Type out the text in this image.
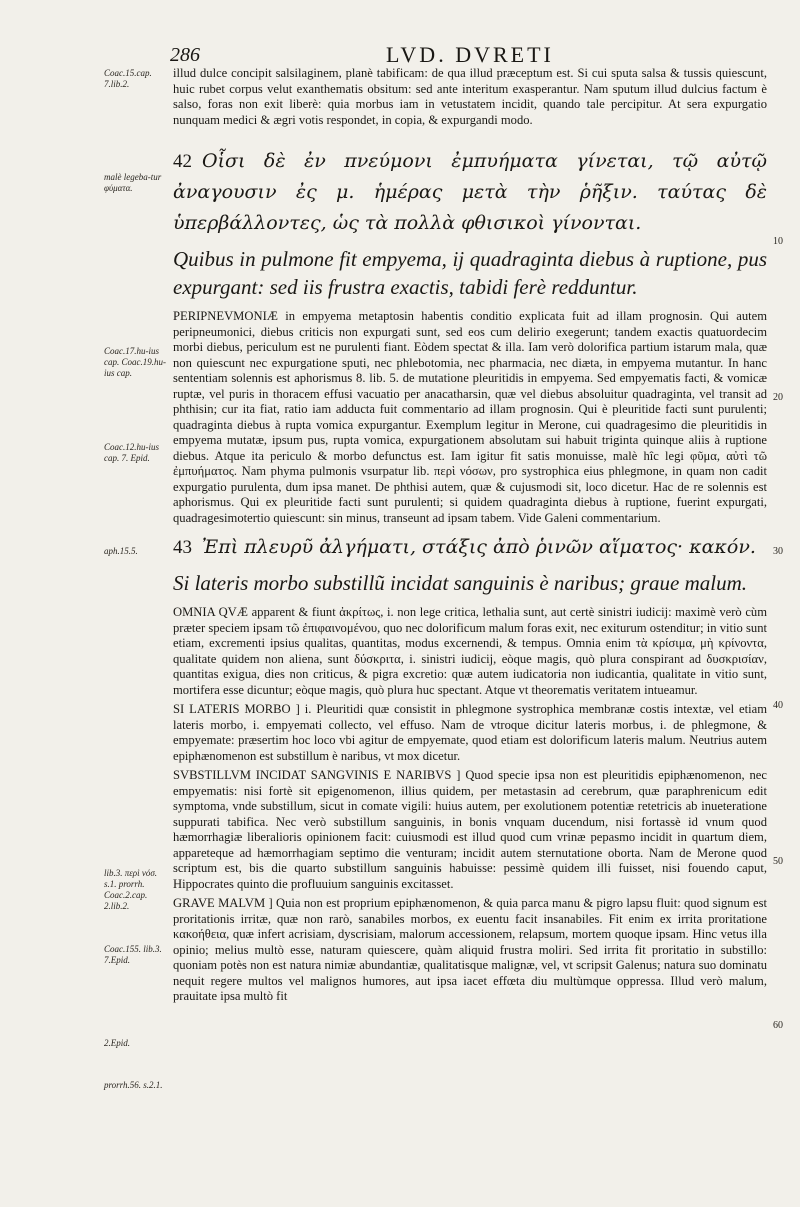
286	LVD. DVRETI

illud dulce concipit salsilaginem, planè tabificam: de qua illud præceptum est. Si cui sputa salsa & tussis quiescunt, huic rubet corpus velut exanthematis obsitum: sed ante interitum exasperantur. Nam sputum illud dulcius factum è salso, foras non exit liberè: quia morbus iam in vetustatem incidit, quando tale percipitur. At sera expurgatio nunquam medici & ægri votis respondet, in copia, & expurgandi modo.

42 Οἷσι δὲ ἐν πνεύμονι ἐμπυήματα γίνεται, τῷ αὐτῷ ἀναγουσιν ἐς μ. ἡμέρας μετὰ τὴν ῥῆξιν. ταύτας δὲ ὑπερβάλλοντες, ὡς τὰ πολλὰ φθισικοὶ γίνονται.

Quibus in pulmone fit empyema, ij quadraginta diebus à ruptione, pus expurgant: sed iis frustra exactis, tabidi ferè redduntur.

PERIPNEVMONIÆ in empyema metaptosin habentis conditio explicata fuit ad illam prognosin. Qui autem peripneumonici, diebus criticis non expurgati sunt, sed eos cum delirio exegerunt; tandem exactis quatuordecim morbi diebus, periculum est ne purulenti fiant. Eòdem spectat & illa. Iam verò dolorifica partium istarum mala, quæ non quiescunt nec expurgatione sputi, nec phlebotomia, nec pharmacia, nec diæta, in empyema mutantur. In hanc sententiam solennis est aphorismus 8. lib. 5. de mutatione pleuritidis in empyema. Sed empyematis facti, & vomicæ ruptæ, vel puris in thoracem effusi vacuatio per anacatharsin, quæ vel diebus absoluitur quadraginta, vel transit ad phthisin; cur ita fiat, ratio iam adducta fuit commentario ad illam prognosin. Qui è pleuritide facti sunt purulenti; quadraginta diebus à rupta vomica expurgantur. Exemplum legitur in Merone, cui quadragesimo die pleuritidis in empyema mutatæ, ipsum pus, rupta vomica, expurgationem absolutam sui habuit triginta quinque aliis à ruptione diebus. Atque ita periculo & morbo defunctus est. Iam igitur fit satis monuisse, malè hîc legi φῦμα, αὐτὶ τῶ ἐμπυήματος. Nam phyma pulmonis vsurpatur lib. περὶ νόσων, pro systrophica eius phlegmone, in quam non cadit expurgatio purulenta, dum ipsa manet. De phthisi autem, quæ & cujusmodi sit, loco dicetur. Hac de re solennis est aphorismus. Qui ex pleuritide facti sunt purulenti; si quidem quadraginta diebus à ruptione, fuerint expurgati, quadragesimotertio quiescunt: sin minus, transeunt ad ipsam tabem. Vide Galeni commentarium.

43 Ἐπὶ πλευρῦ ἀλγήματι, στάξις ἀπὸ ῥινῶν αἵματος· κακόν.

Si lateris morbo substillũ incidat sanguinis è naribus; graue malum.

OMNIA QVÆ apparent & fiunt ἀκρίτως, i. non lege critica, lethalia sunt, aut certè sinistri iudicij: maximè verò cùm præter speciem ipsam τῶ ἐπιφαινομένου, quo nec dolorificum malum foras exit, nec exiturum ostenditur; in vitio sunt etiam, excrementi ipsius qualitas, quantitas, modus excernendi, & tempus. Omnia enim τὰ κρίσιμα, μὴ κρίνοντα, qualitate quidem non aliena, sunt δύσκριτα, i. sinistri iudicij, eòque magis, quò plura conspirant ad δυσκρισίαν, quantitas exigua, dies non criticus, & pigra excretio: quæ autem iudicatoria non iudicantia, qualitate in vitio sunt, mortifera esse dicuntur; eòque magis, quò plura huc spectant. Atque vt theorematis veritatem intueamur.

SI LATERIS MORBO ] i. Pleuritidi quæ consistit in phlegmone systrophica membranæ costis intextæ, vel etiam lateris morbo, i. empyemati collecto, vel effuso. Nam de vtroque dicitur lateris morbus, i. de phlegmone, & empyemate: præsertim hoc loco vbi agitur de empyemate, quod etiam est dolorificum lateris malum. Neutrius autem epiphænomenon est substillum è naribus, vt mox dicetur.

SVBSTILLVM INCIDAT SANGVINIS E NARIBVS ] Quod specie ipsa non est pleuritidis epiphænomenon, nec empyematis: nisi fortè sit epigenomenon, illius quidem, per metastasin ad cerebrum, quæ paraphrenicum edit symptoma, vnde substillum, sicut in comate vigili: huius autem, per exolutionem potentiæ retetricis ab inueteratione suppurati tabifica. Nec verò substillum sanguinis, in bonis vnquam ducendum, nisi fortassè id vnum quod hæmorrhagiæ liberalioris opinionem facit: cuiusmodi est illud quod cum vrinæ pepasmo incidit in quartum diem, appareteque ad hæmorrhagiam septimo die venturam; incidit autem sternutatione oborta. Nam de Merone quod scriptum est, bis die quarto substillum sanguinis habuisse: pessimè quidem illi fuisset, nisi fouendo caput, Hippocrates quinto die profluuium sanguinis excitasset.

GRAVE MALVM ] Quia non est proprium epiphænomenon, & quia parca manu & pigro lapsu fluit: quod signum est proritationis irritæ, quæ non rarò, sanabiles morbos, ex euentu facit insanabiles. Fit enim ex irrita proritatione κακοήθεια, quæ infert acrisiam, dyscrisiam, malorum accessionem, relapsum, mortem quoque ipsam. Hinc vetus illa opinio; melius multò esse, naturam quiescere, quàm aliquid frustra moliri. Sed irrita fit proritatio in substillo: quoniam potès non est natura nimiæ abundantiæ, qualitatisque malignæ, vel, vt scripsit Galenus; natura suo dominatu nequit regere multos vel malignos humores, aut ipsa iacet effœta diu multùmque oppressa. Illud verò malum, prauitate ipsa multò fit

Coac.15.cap. 7.lib.2.
malè legeba-tur φύματα.
Coac.17.hu-ius cap. Coac.19.hu-ius cap.
Coac.12.hu-ius cap. 7. Epid.
aph.15.5.
lib.3. περὶ νόσ. s.1. prorrh. Coac.2.cap. 2.lib.2.
Coac.155. lib.3. 7.Epid.
2.Epid.
prorrh.56. s.2.1.
10
20
30
40
50
60
